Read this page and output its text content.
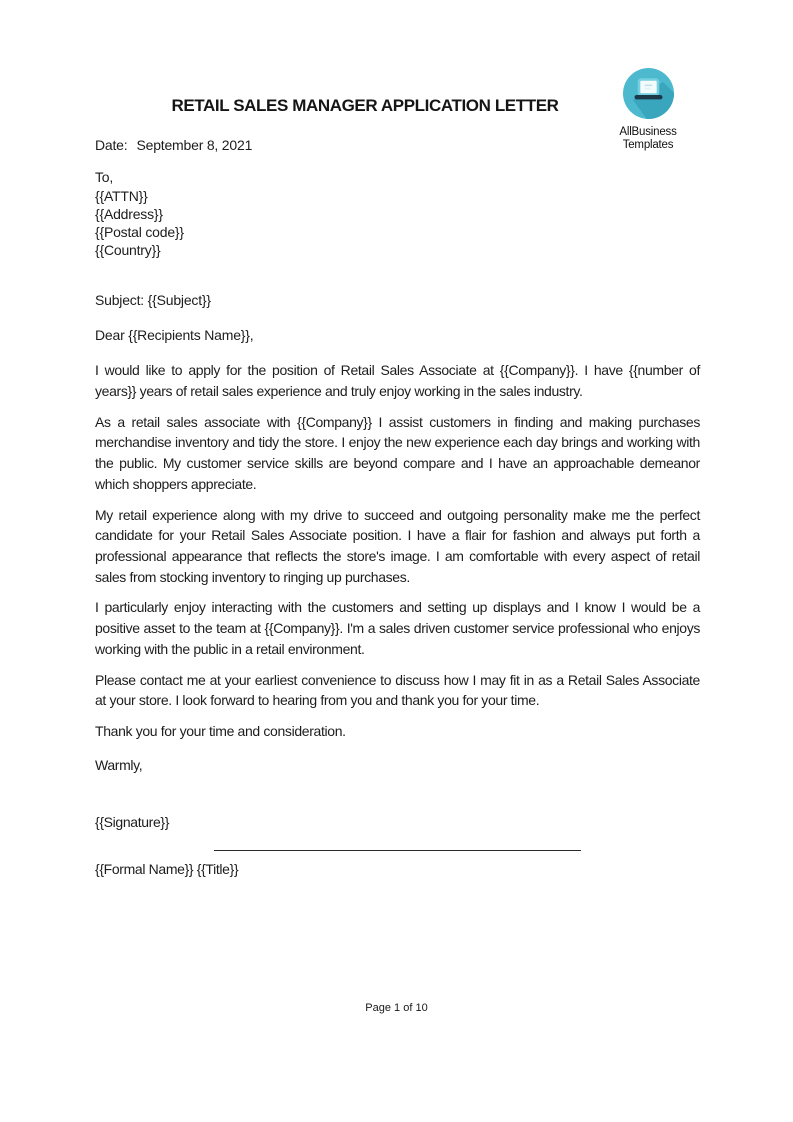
AllBusiness
Templates
RETAIL SALES MANAGER APPLICATION LETTER
Date: September 8, 2021
To,
{{ATTN}}
{{Address}}
{{Postal code}}
{{Country}}
Subject: {{Subject}}
Dear {{Recipients Name}},

I would like to apply for the position of Retail Sales Associate at {{Company}}. I have {{number of years}} years of retail sales experience and truly enjoy working in the sales industry.

As a retail sales associate with {{Company}} I assist customers in finding and making purchases merchandise inventory and tidy the store. I enjoy the new experience each day brings and working with the public. My customer service skills are beyond compare and I have an approachable demeanor which shoppers appreciate.

My retail experience along with my drive to succeed and outgoing personality make me the perfect candidate for your Retail Sales Associate position. I have a flair for fashion and always put forth a professional appearance that reflects the store's image. I am comfortable with every aspect of retail sales from stocking inventory to ringing up purchases.

I particularly enjoy interacting with the customers and setting up displays and I know I would be a positive asset to the team at {{Company}}. I'm a sales driven customer service professional who enjoys working with the public in a retail environment.

Please contact me at your earliest convenience to discuss how I may fit in as a Retail Sales Associate at your store. I look forward to hearing from you and thank you for your time.

Thank you for your time and consideration.
Warmly,
{{Signature}}
{{Formal Name}} {{Title}}
Page 1 of 10
